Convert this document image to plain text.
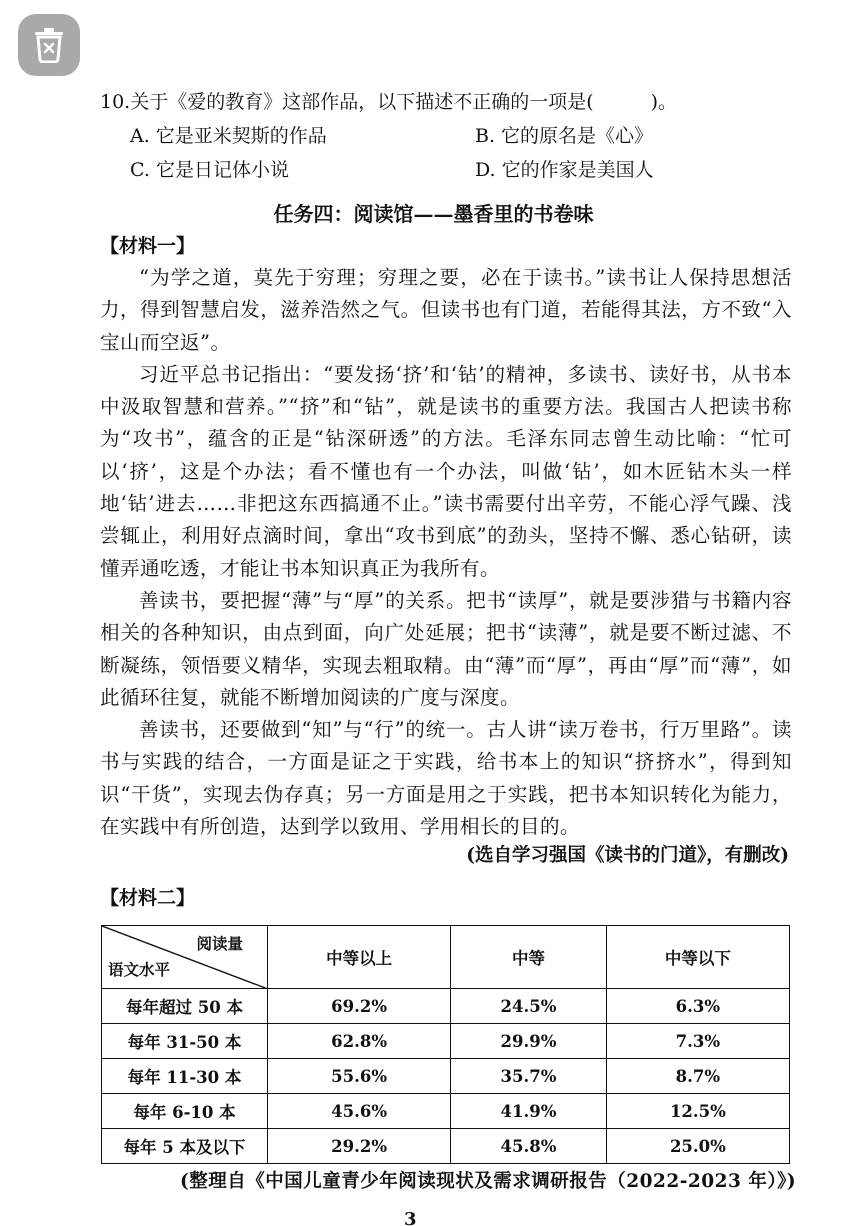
10.关于《爱的教育》这部作品，以下描述不正确的一项是(　　　)。
A. 它是亚米契斯的作品	B. 它的原名是《心》
C. 它是日记体小说	D. 它的作家是美国人
任务四：阅读馆——墨香里的书卷味
【材料一】

“为学之道，莫先于穷理；穷理之要，必在于读书。”读书让人保持思想活力，得到智慧启发，滋养浩然之气。但读书也有门道，若能得其法，方不致“入宝山而空返”。

习近平总书记指出：“要发扬‘挤’和‘钻’的精神，多读书、读好书，从书本中汲取智慧和营养。”“挤”和“钻”，就是读书的重要方法。我国古人把读书称为“攻书”，蕴含的正是“钻深研透”的方法。毛泽东同志曾生动比喻：“忙可以‘挤’，这是个办法；看不懂也有一个办法，叫做‘钻’，如木匠钻木头一样地‘钻’进去……非把这东西搞通不止。”读书需要付出辛劳，不能心浮气躁、浅尝辄止，利用好点滴时间，拿出“攻书到底”的劲头，坚持不懈、悉心钻研，读懂弄通吃透，才能让书本知识真正为我所有。

善读书，要把握“薄”与“厚”的关系。把书“读厚”，就是要涉猎与书籍内容相关的各种知识，由点到面，向广处延展；把书“读薄”，就是要不断过滤、不断凝练，领悟要义精华，实现去粗取精。由“薄”而“厚”，再由“厚”而“薄”，如此循环往复，就能不断增加阅读的广度与深度。

善读书，还要做到“知”与“行”的统一。古人讲“读万卷书，行万里路”。读书与实践的结合，一方面是证之于实践，给书本上的知识“挤挤水”，得到知识“干货”，实现去伪存真；另一方面是用之于实践，把书本知识转化为能力，在实践中有所创造，达到学以致用、学用相长的目的。

(选自学习强国《读书的门道》，有删改)
【材料二】
阅读量
语文水平	中等以上	中等	中等以下
每年超过 50 本	69.2%	24.5%	6.3%
每年 31-50 本	62.8%	29.9%	7.3%
每年 11-30 本	55.6%	35.7%	8.7%
每年 6-10 本	45.6%	41.9%	12.5%
每年 5 本及以下	29.2%	45.8%	25.0%
(整理自《中国儿童青少年阅读现状及需求调研报告（2022-2023 年）》)
3
